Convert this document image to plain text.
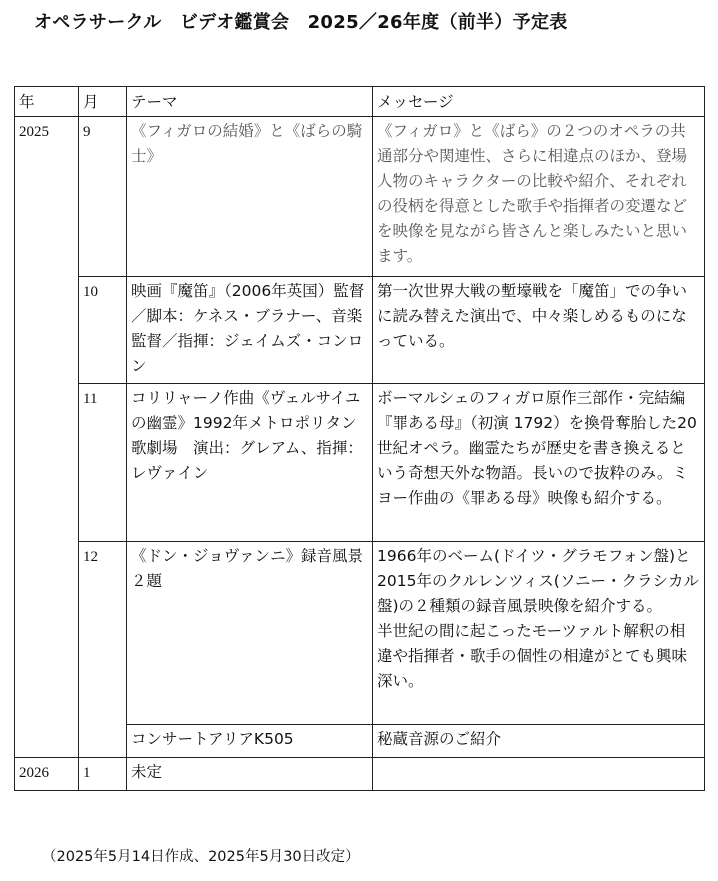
オペラサークル　ビデオ鑑賞会　2025／26年度（前半）予定表
年	月	テーマ	メッセージ
2025	9	《フィガロの結婚》と《ばらの騎士》	《フィガロ》と《ばら》の２つのオペラの共通部分や関連性、さらに相違点のほか、登場人物のキャラクターの比較や紹介、それぞれの役柄を得意とした歌手や指揮者の変遷などを映像を見ながら皆さんと楽しみたいと思います。
	10	映画『魔笛』（2006年英国）監督／脚本：ケネス・ブラナー、音楽監督／指揮：ジェイムズ・コンロン	第一次世界大戦の塹壕戦を「魔笛」での争いに読み替えた演出で、中々楽しめるものになっている。
	11	コリリャーノ作曲《ヴェルサイユの幽霊》1992年メトロポリタン歌劇場　演出：グレアム、指揮：レヴァイン	ボーマルシェのフィガロ原作三部作・完結編『罪ある母』（初演 1792）を換骨奪胎した20世紀オペラ。幽霊たちが歴史を書き換えるという奇想天外な物語。長いので抜粋のみ。ミヨー作曲の《罪ある母》映像も紹介する。
	12	《ドン・ジョヴァンニ》録音風景２題	1966年のベーム(ドイツ・グラモフォン盤)と2015年のクルレンツィス(ソニー・クラシカル盤)の２種類の録音風景映像を紹介する。
半世紀の間に起こったモーツァルト解釈の相違や指揮者・歌手の個性の相違がとても興味深い。

		コンサートアリアK505	秘蔵音源のご紹介
2026	1	未定	
（2025年5月14日作成、2025年5月30日改定）
